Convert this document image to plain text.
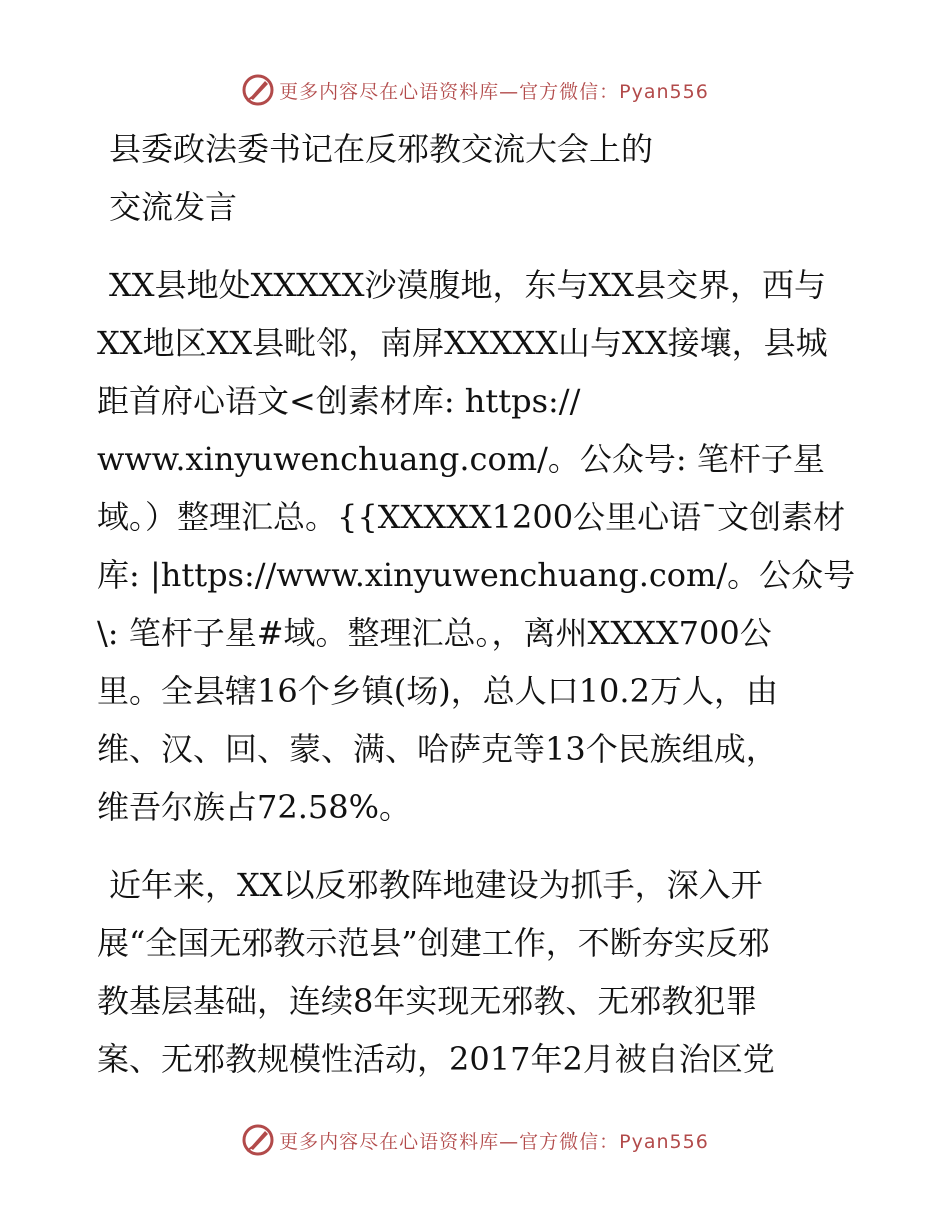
更多内容尽在心语资料库—官方微信：Pyan556

县委政法委书记在反邪教交流大会上的

交流发言

XX县地处XXXXX沙漠腹地，东与XX县交界，西与

XX地区XX县毗邻，南屏XXXXX山与XX接壤，县城

距首府心语文<创素材库: https://

www.xinyuwenchuang.com/。公众号: 笔杆子星

域。）整理汇总。{{XXXXX1200公里心语¯文创素材

库: |https://www.xinyuwenchuang.com/。公众号

\: 笔杆子星#域。整理汇总。，离州XXXX700公

里。全县辖16个乡镇(场)，总人口10.2万人，由

维、汉、回、蒙、满、哈萨克等13个民族组成，

维吾尔族占72.58%。

近年来，XX以反邪教阵地建设为抓手，深入开

展“全国无邪教示范县”创建工作，不断夯实反邪

教基层基础，连续8年实现无邪教、无邪教犯罪

案、无邪教规模性活动，2017年2月被自治区党

更多内容尽在心语资料库—官方微信：Pyan556
